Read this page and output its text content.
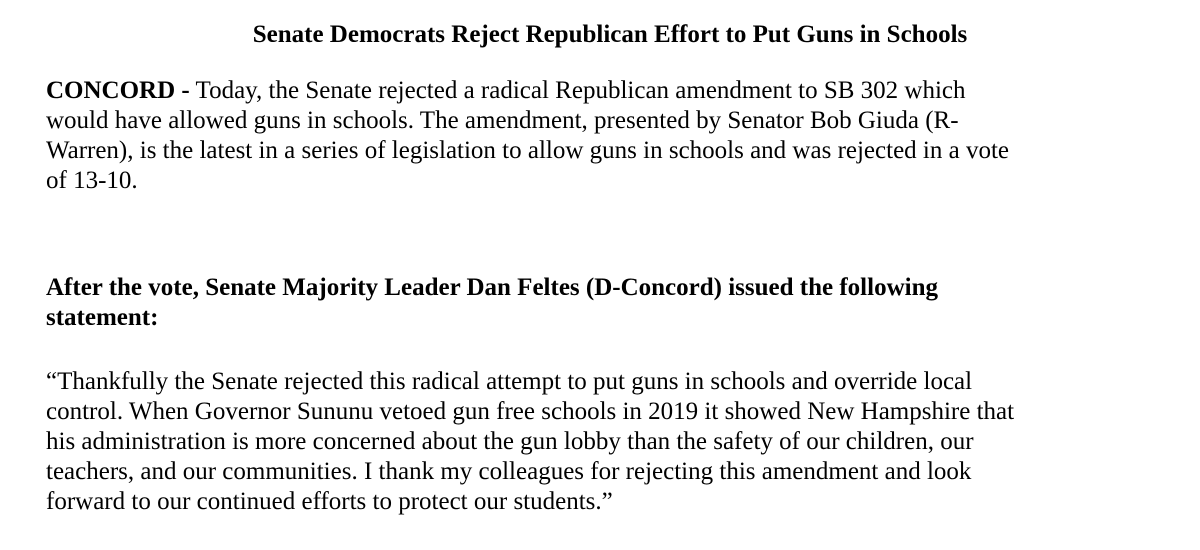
Senate Democrats Reject Republican Effort to Put Guns in Schools
CONCORD - Today, the Senate rejected a radical Republican amendment to SB 302 which
would have allowed guns in schools. The amendment, presented by Senator Bob Giuda (R-
Warren), is the latest in a series of legislation to allow guns in schools and was rejected in a vote
of 13-10.
After the vote, Senate Majority Leader Dan Feltes (D-Concord) issued the following
statement:
“Thankfully the Senate rejected this radical attempt to put guns in schools and override local
control. When Governor Sununu vetoed gun free schools in 2019 it showed New Hampshire that
his administration is more concerned about the gun lobby than the safety of our children, our
teachers, and our communities. I thank my colleagues for rejecting this amendment and look
forward to our continued efforts to protect our students.”
